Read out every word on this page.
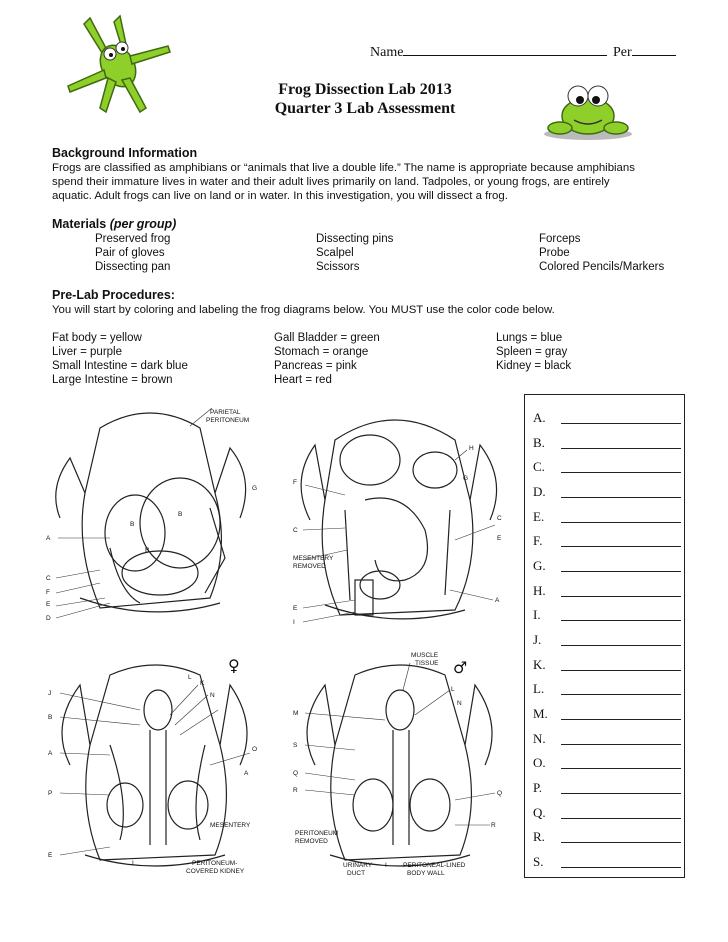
Name	Per
Frog Dissection Lab 2013
Quarter 3 Lab Assessment
Background Information
Frogs are classified as amphibians or “animals that live a double life.” The name is appropriate because amphibians
spend their immature lives in water and their adult lives primarily on land. Tadpoles, or young frogs, are entirely
aquatic. Adult frogs can live on land or in water. In this investigation, you will dissect a frog.
Materials (per group)
Preserved frog
Pair of gloves
Dissecting pan
Dissecting pins
Scalpel
Scissors
Forceps
Probe
Colored Pencils/Markers
Pre-Lab Procedures:
You will start by coloring and labeling the frog diagrams below. You MUST use the color code below.
Fat body = yellow
Liver = purple
Small Intestine = dark blue
Large Intestine = brown
Gall Bladder = green
Stomach = orange
Pancreas = pink
Heart = red
Lungs = blue
Spleen = gray
Kidney = black
PARIETAL
PERITONEUM
A
B
B
B
C
D
E
F
G
F
H
G
C
E
MESENTERY
REMOVED
E
I
A
C
♀
J
B
A
K
L
N
O
A
P
E
MESENTERY
PERITONEUM-
COVERED KIDNEY
I
♂
MUSCLE
TISSUE
M
L
N
S
Q
R
PERITONEUM
REMOVED
URINARY
DUCT
PERITONEAL-LINED
BODY WALL
I
R
Q
A.
B.
C.
D.
E.
F.
G.
H.
I.
J.
K.
L.
M.
N.
O.
P.
Q.
R.
S.
